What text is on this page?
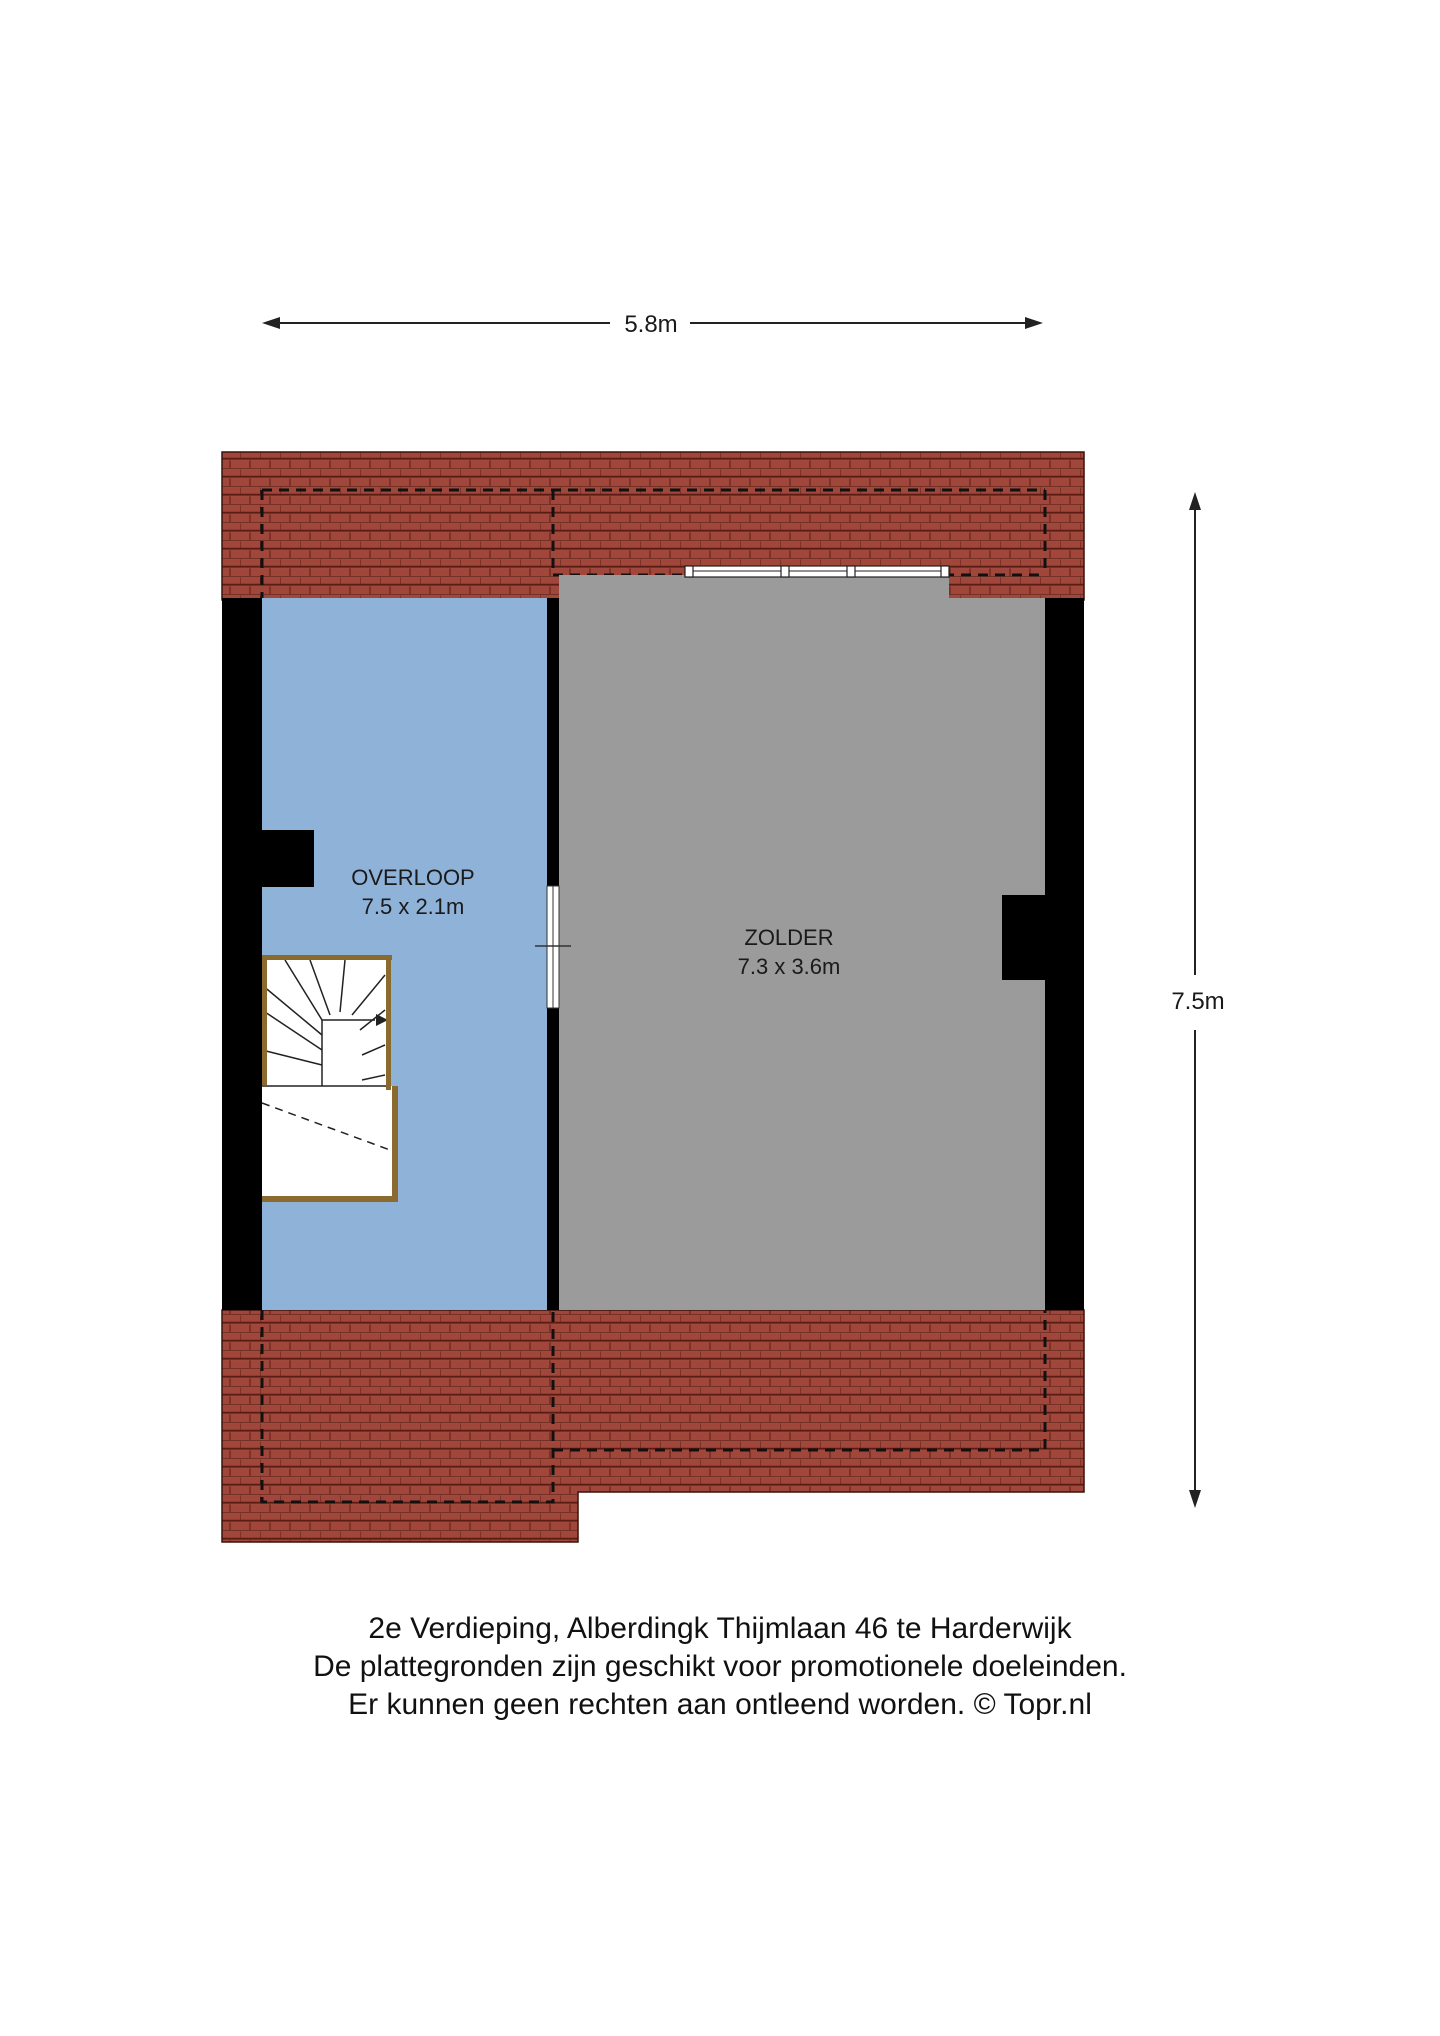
5.8m
7.5m
OVERLOOP
7.5 x 2.1m
ZOLDER
7.3 x 3.6m
2e Verdieping, Alberdingk Thijmlaan 46 te Harderwijk
De plattegronden zijn geschikt voor promotionele doeleinden.
Er kunnen geen rechten aan ontleend worden. © Topr.nl
